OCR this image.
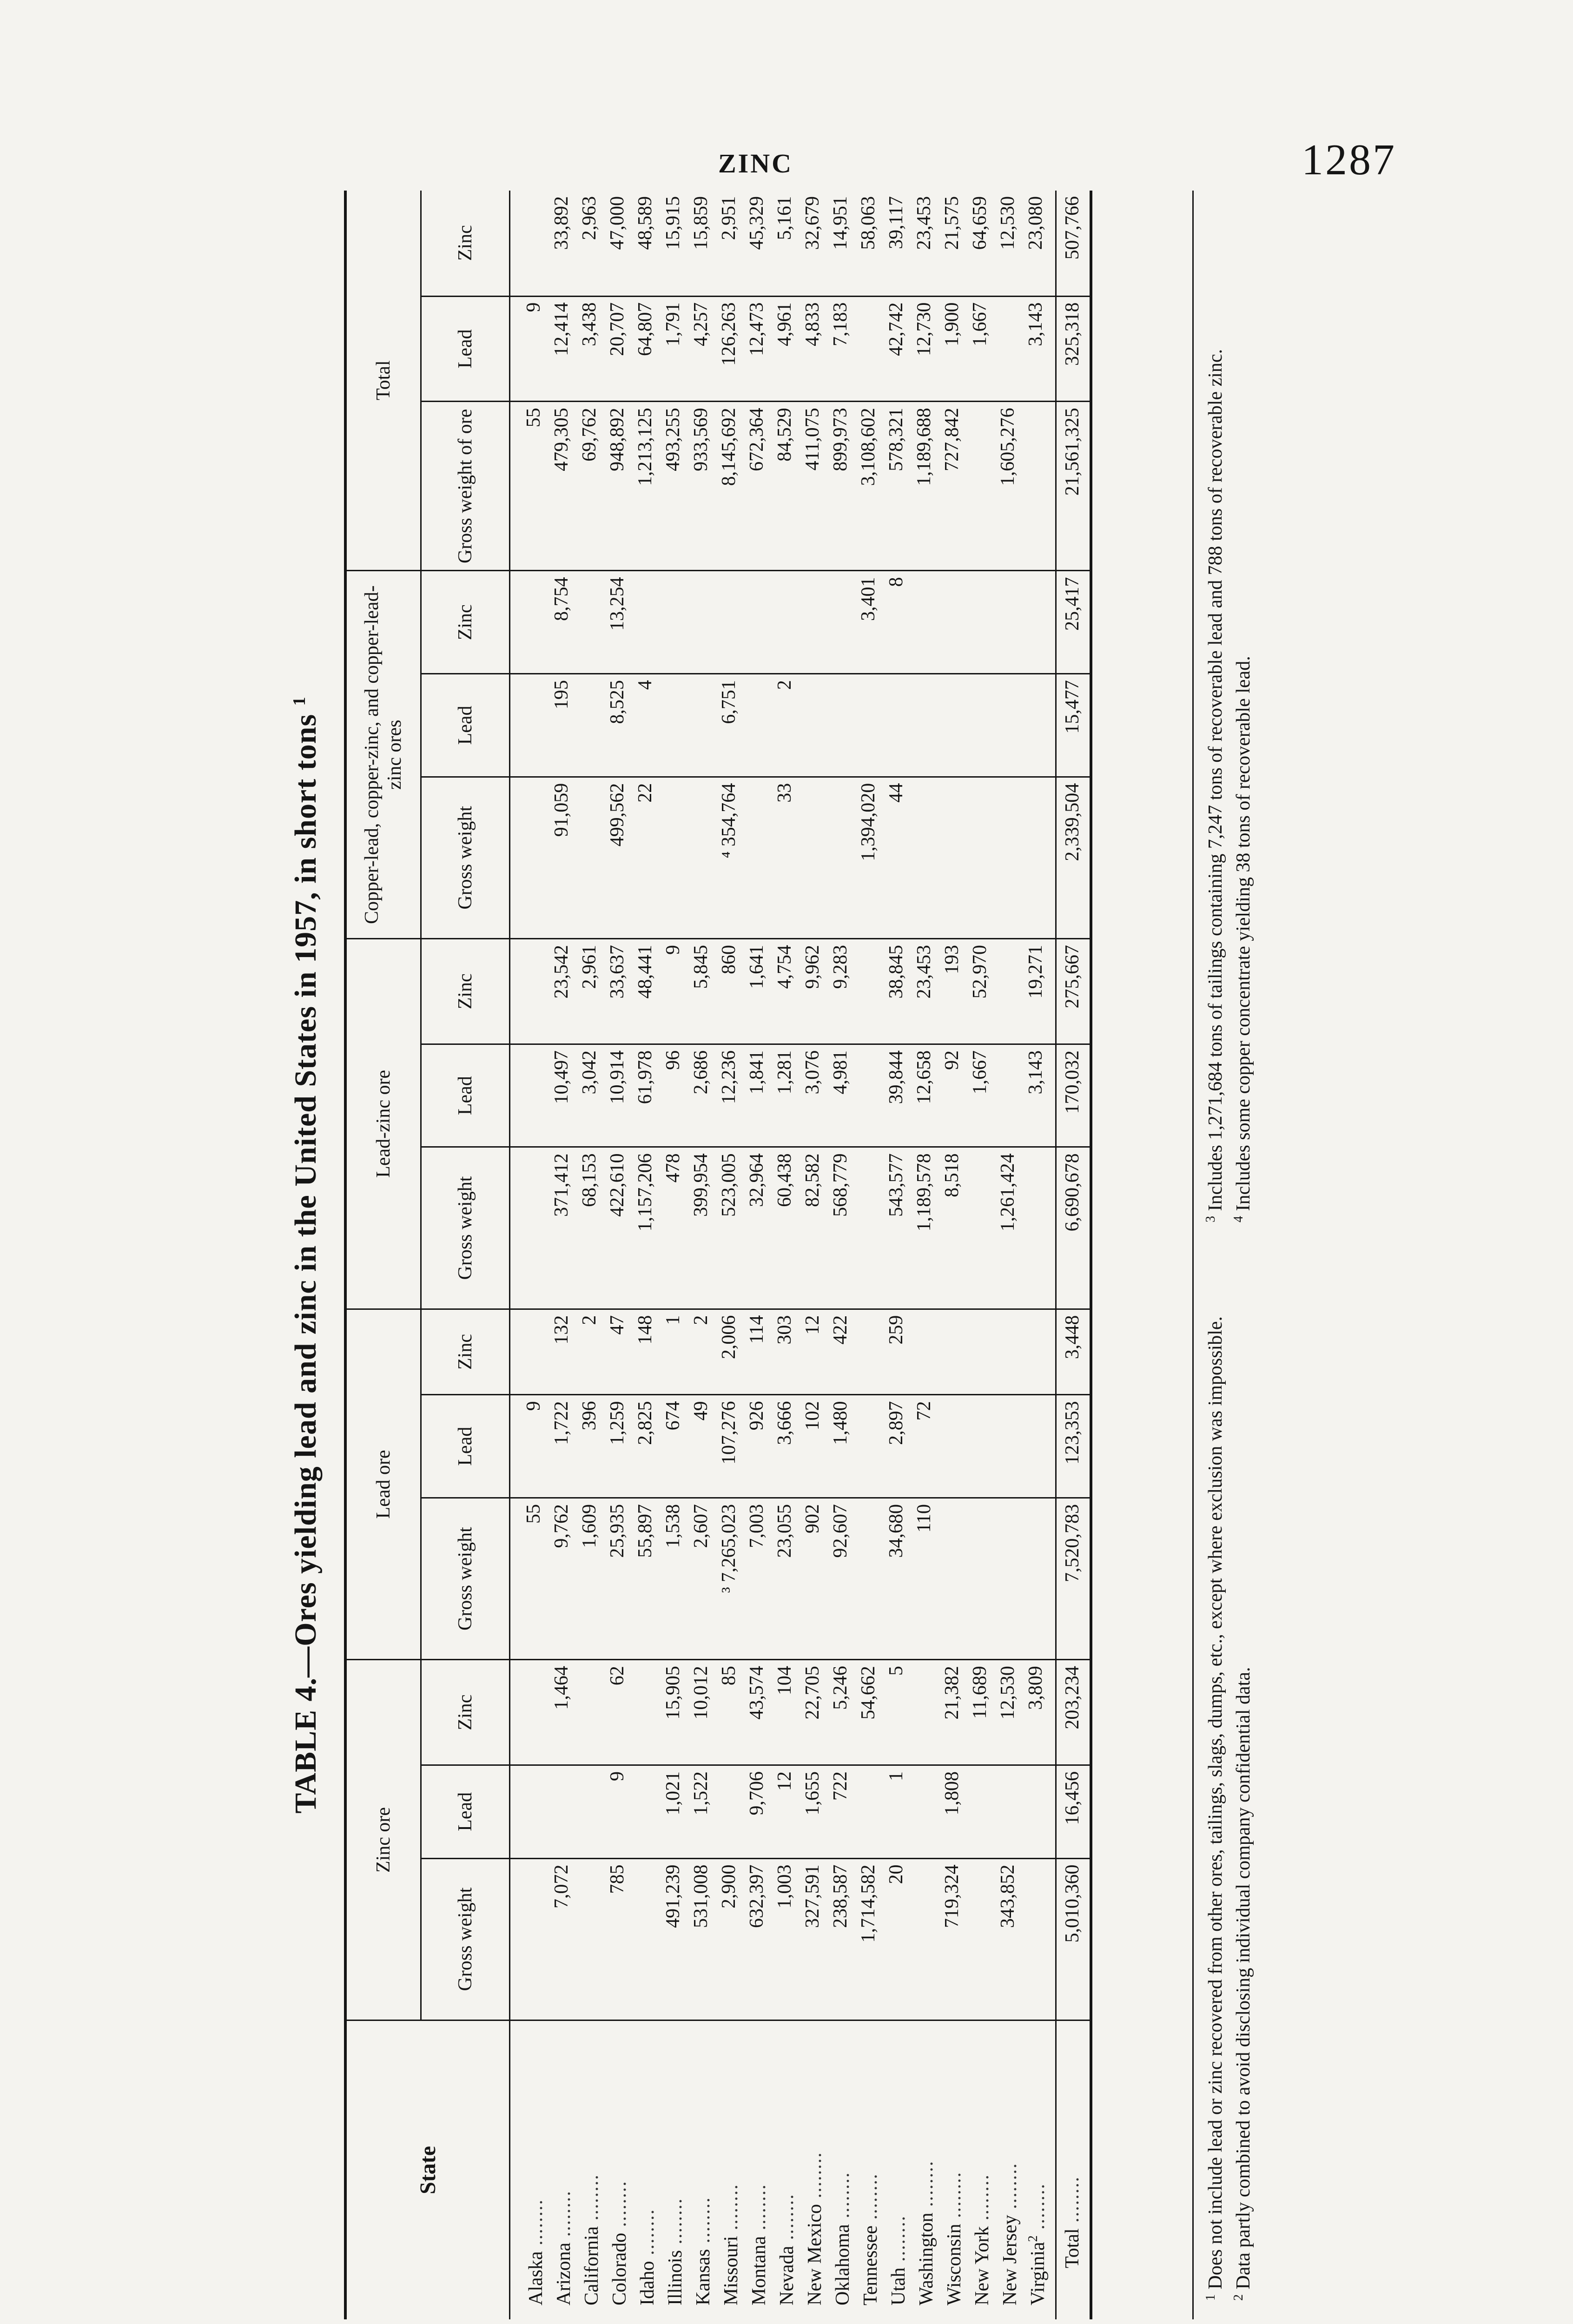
ZINC	1287
TABLE 4.—Ores yielding lead and zinc in the United States in 1957, in short tons $^1$
State	Zinc ore			Lead ore			Lead-zinc ore			Copper-lead, copper-zinc, and copper-lead-zinc ores			Total		
	Gross weight	Lead	Zinc	Gross weight	Lead	Zinc	Gross weight	Lead	Zinc	Gross weight	Lead	Zinc	Gross weight of ore	Lead	Zinc
Alaska ........				55	9								55	9	
Arizona ........	7,072		1,464	9,762	1,722	132	371,412	10,497	23,542	91,059	195	8,754	479,305	12,414	33,892
California ........				1,609	396	2	68,153	3,042	2,961				69,762	3,438	2,963
Colorado ........	785	9	62	25,935	1,259	47	422,610	10,914	33,637	499,562	8,525	13,254	948,892	20,707	47,000
Idaho ........				55,897	2,825	148	1,157,206	61,978	48,441	22	4		1,213,125	64,807	48,589
Illinois ........	491,239	1,021	15,905	1,538	674	1	478	96	9				493,255	1,791	15,915
Kansas ........	531,008	1,522	10,012	2,607	49	2	399,954	2,686	5,845				933,569	4,257	15,859
Missouri ........	2,900		85	³ 7,265,023	107,276	2,006	523,005	12,236	860	⁴ 354,764	6,751		8,145,692	126,263	2,951
Montana ........	632,397	9,706	43,574	7,003	926	114	32,964	1,841	1,641				672,364	12,473	45,329
Nevada ........	1,003	12	104	23,055	3,666	303	60,438	1,281	4,754	33	2		84,529	4,961	5,161
New Mexico ........	327,591	1,655	22,705	902	102	12	82,582	3,076	9,962				411,075	4,833	32,679
Oklahoma ........	238,587	722	5,246	92,607	1,480	422	568,779	4,981	9,283				899,973	7,183	14,951
Tennessee ........	1,714,582		54,662							1,394,020		3,401	3,108,602		58,063
Utah ........	20	1	5	34,680	2,897	259	543,577	39,844	38,845	44		8	578,321	42,742	39,117
Washington ........				110	72		1,189,578	12,658	23,453				1,189,688	12,730	23,453
Wisconsin ........	719,324	1,808	21,382				8,518	92	193				727,842	1,900	21,575
New York ........			11,689					1,667	52,970					1,667	64,659
New Jersey ........	343,852		12,530				1,261,424						1,605,276		12,530
Virginia$^2$ ........			3,809					3,143	19,271					3,143	23,080
Total ........	5,010,360	16,456	203,234	7,520,783	123,353	3,448	6,690,678	170,032	275,667	2,339,504	15,477	25,417	21,561,325	325,318	507,766

$^1$ Does not include lead or zinc recovered from other ores, tailings, slags, dumps, etc., except where exclusion was impossible.

$^2$ Data partly combined to avoid disclosing individual company confidential data.

$^3$ Includes 1,271,684 tons of tailings containing 7,247 tons of recoverable lead and 788 tons of recoverable zinc.

$^4$ Includes some copper concentrate yielding 38 tons of recoverable lead.
